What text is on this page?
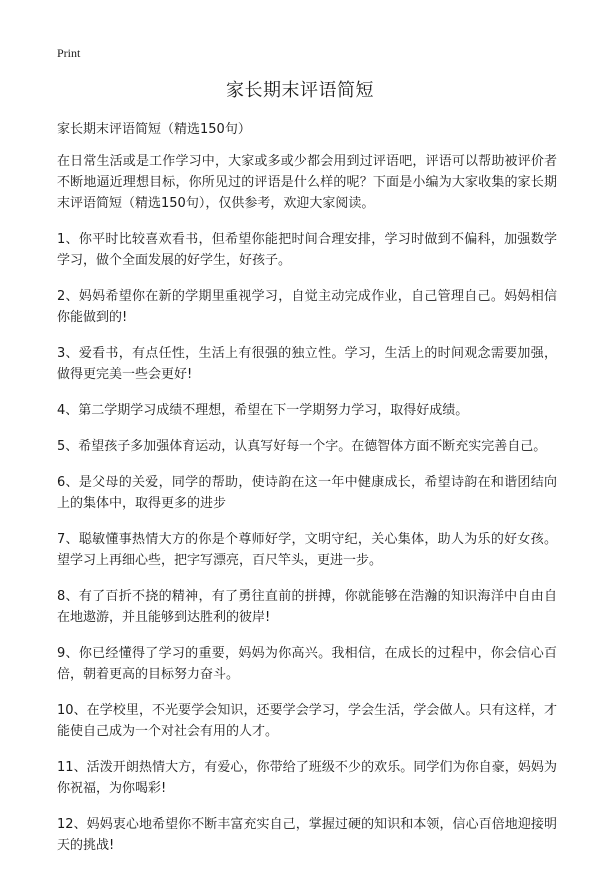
Print
家长期末评语简短
家长期末评语简短（精选150句）

在日常生活或是工作学习中，大家或多或少都会用到过评语吧，评语可以帮助被评价者不断地逼近理想目标，你所见过的评语是什么样的呢？下面是小编为大家收集的家长期末评语简短（精选150句），仅供参考，欢迎大家阅读。

1、你平时比较喜欢看书，但希望你能把时间合理安排，学习时做到不偏科，加强数学学习，做个全面发展的好学生，好孩子。

2、妈妈希望你在新的学期里重视学习，自觉主动完成作业，自己管理自己。妈妈相信你能做到的!

3、爱看书，有点任性，生活上有很强的独立性。学习，生活上的时间观念需要加强，做得更完美一些会更好!

4、第二学期学习成绩不理想，希望在下一学期努力学习，取得好成绩。

5、希望孩子多加强体育运动，认真写好每一个字。在德智体方面不断充实完善自己。

6、是父母的关爱，同学的帮助，使诗韵在这一年中健康成长，希望诗韵在和谐团结向上的集体中，取得更多的进步

7、聪敏懂事热情大方的你是个尊师好学，文明守纪，关心集体，助人为乐的好女孩。望学习上再细心些，把字写漂亮，百尺竿头，更进一步。

8、有了百折不挠的精神，有了勇往直前的拼搏，你就能够在浩瀚的知识海洋中自由自在地遨游，并且能够到达胜利的彼岸!

9、你已经懂得了学习的重要，妈妈为你高兴。我相信，在成长的过程中，你会信心百倍，朝着更高的目标努力奋斗。

10、在学校里，不光要学会知识，还要学会学习，学会生活，学会做人。只有这样，才能使自己成为一个对社会有用的人才。

11、活泼开朗热情大方，有爱心，你带给了班级不少的欢乐。同学们为你自豪，妈妈为你祝福，为你喝彩!

12、妈妈衷心地希望你不断丰富充实自己，掌握过硬的知识和本领，信心百倍地迎接明天的挑战!
